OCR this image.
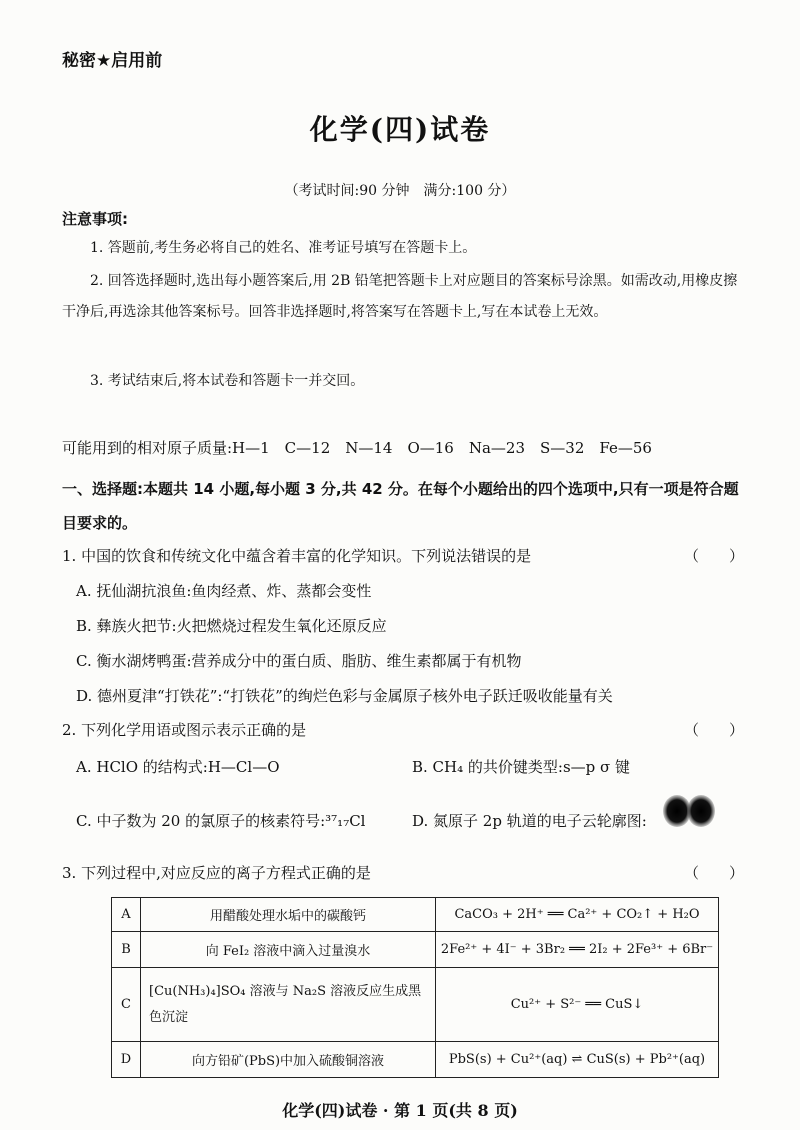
秘密★启用前
化学(四)试卷
（考试时间:90 分钟　满分:100 分）
注意事项:
1. 答题前,考生务必将自己的姓名、准考证号填写在答题卡上。
2. 回答选择题时,选出每小题答案后,用 2B 铅笔把答题卡上对应题目的答案标号涂黑。如需改动,用橡皮擦干净后,再选涂其他答案标号。回答非选择题时,将答案写在答题卡上,写在本试卷上无效。
3. 考试结束后,将本试卷和答题卡一并交回。
可能用到的相对原子质量:H—1　C—12　N—14　O—16　Na—23　S—32　Fe—56
一、选择题:本题共 14 小题,每小题 3 分,共 42 分。在每个小题给出的四个选项中,只有一项是符合题目要求的。
1. 中国的饮食和传统文化中蕴含着丰富的化学知识。下列说法错误的是	（　　）
A. 抚仙湖抗浪鱼:鱼肉经煮、炸、蒸都会变性
B. 彝族火把节:火把燃烧过程发生氧化还原反应
C. 衡水湖烤鸭蛋:营养成分中的蛋白质、脂肪、维生素都属于有机物
D. 德州夏津“打铁花”:“打铁花”的绚烂色彩与金属原子核外电子跃迁吸收能量有关
2. 下列化学用语或图示表示正确的是	（　　）
A. HClO 的结构式:H—Cl—O	B. CH₄ 的共价键类型:s—p σ 键
C. 中子数为 20 的氯原子的核素符号:³⁷₁₇Cl	D. 氮原子 2p 轨道的电子云轮廓图:
3. 下列过程中,对应反应的离子方程式正确的是	（　　）
A	用醋酸处理水垢中的碳酸钙	CaCO₃ + 2H⁺ ══ Ca²⁺ + CO₂↑ + H₂O
B	向 FeI₂ 溶液中滴入过量溴水	2Fe²⁺ + 4I⁻ + 3Br₂ ══ 2I₂ + 2Fe³⁺ + 6Br⁻
C	[Cu(NH₃)₄]SO₄ 溶液与 Na₂S 溶液反应生成黑色沉淀	Cu²⁺ + S²⁻ ══ CuS↓
D	向方铅矿(PbS)中加入硫酸铜溶液	PbS(s) + Cu²⁺(aq) ⇌ CuS(s) + Pb²⁺(aq)
化学(四)试卷 · 第 1 页(共 8 页)
